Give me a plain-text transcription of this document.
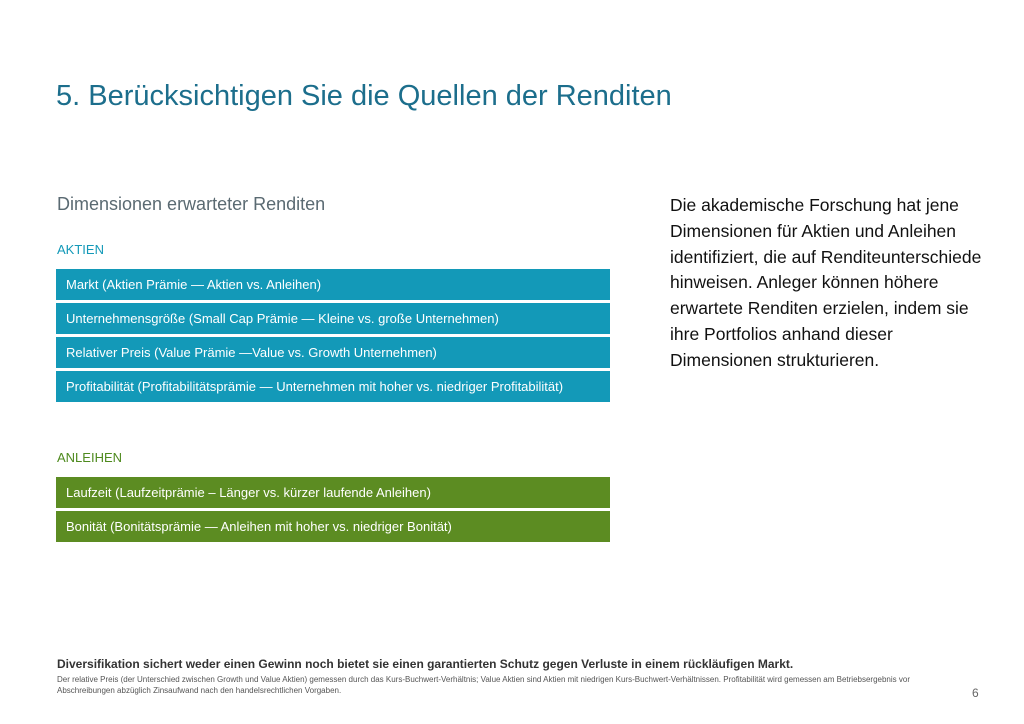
5. Berücksichtigen Sie die Quellen der Renditen
Dimensionen erwarteter Renditen
AKTIEN
Markt (Aktien Prämie — Aktien vs. Anleihen)
Unternehmensgröße (Small Cap Prämie — Kleine vs. große Unternehmen)
Relativer Preis (Value Prämie —Value vs. Growth Unternehmen)
Profitabilität (Profitabilitätsprämie — Unternehmen mit hoher vs. niedriger Profitabilität)
ANLEIHEN
Laufzeit (Laufzeitprämie – Länger vs. kürzer laufende Anleihen)
Bonität (Bonitätsprämie — Anleihen mit hoher vs. niedriger Bonität)
Die akademische Forschung hat jene Dimensionen für Aktien und Anleihen identifiziert, die auf Renditeunterschiede hinweisen. Anleger können höhere erwartete Renditen erzielen, indem sie ihre Portfolios anhand dieser Dimensionen strukturieren.
Diversifikation sichert weder einen Gewinn noch bietet sie einen garantierten Schutz gegen Verluste in einem rückläufigen Markt.
Der relative Preis (der Unterschied zwischen Growth und Value Aktien) gemessen durch das Kurs-Buchwert-Verhältnis; Value Aktien sind Aktien mit niedrigen Kurs-Buchwert-Verhältnissen. Profitabilität wird gemessen am Betriebsergebnis vor Abschreibungen abzüglich Zinsaufwand nach den handelsrechtlichen Vorgaben.	6
